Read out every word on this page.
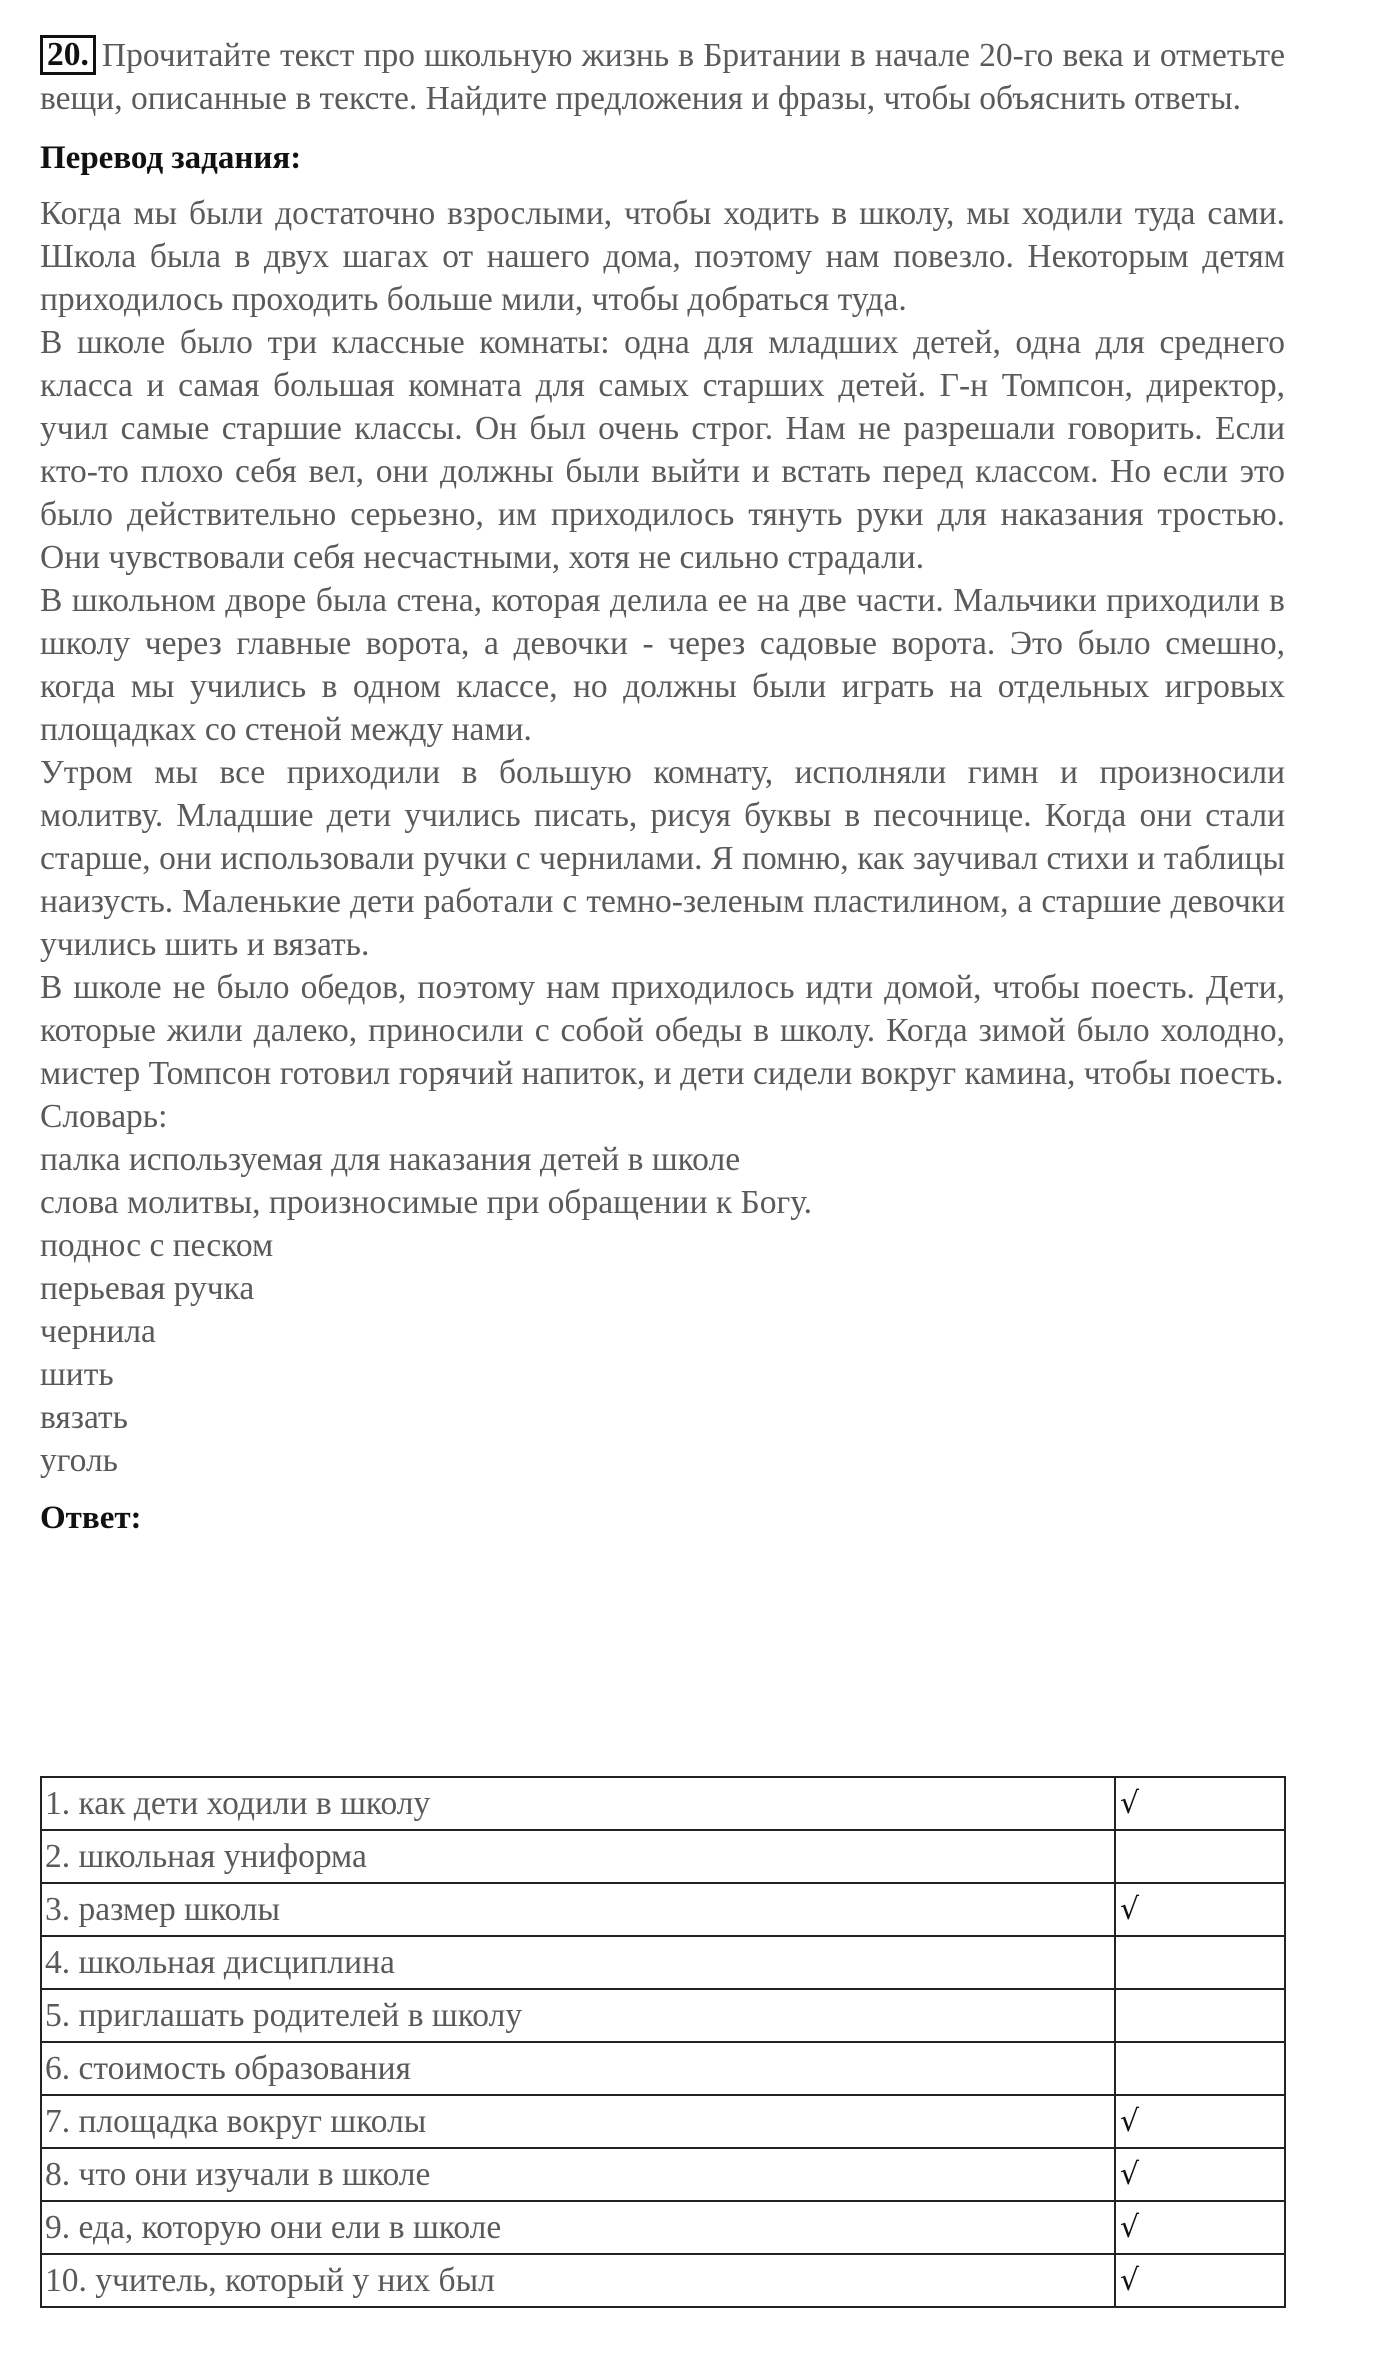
20. Прочитайте текст про школьную жизнь в Британии в начале 20-го века и отметьте вещи, описанные в тексте. Найдите предложения и фразы, чтобы объяснить ответы.

Перевод задания:

Когда мы были достаточно взрослыми, чтобы ходить в школу, мы ходили туда сами. Школа была в двух шагах от нашего дома, поэтому нам повезло. Некоторым детям приходилось проходить больше мили, чтобы добраться туда.

В школе было три классные комнаты: одна для младших детей, одна для среднего класса и самая большая комната для самых старших детей. Г-н Томпсон, директор, учил самые старшие классы. Он был очень строг. Нам не разрешали говорить. Если кто-то плохо себя вел, они должны были выйти и встать перед классом. Но если это было действительно серьезно, им приходилось тянуть руки для наказания тростью. Они чувствовали себя несчастными, хотя не сильно страдали.

В школьном дворе была стена, которая делила ее на две части. Мальчики приходили в школу через главные ворота, а девочки - через садовые ворота. Это было смешно, когда мы учились в одном классе, но должны были играть на отдельных игровых площадках со стеной между нами.

Утром мы все приходили в большую комнату, исполняли гимн и произносили молитву. Младшие дети учились писать, рисуя буквы в песочнице. Когда они стали старше, они использовали ручки с чернилами. Я помню, как заучивал стихи и таблицы наизусть. Маленькие дети работали с темно-зеленым пластилином, а старшие девочки учились шить и вязать.

В школе не было обедов, поэтому нам приходилось идти домой, чтобы поесть. Дети, которые жили далеко, приносили с собой обеды в школу. Когда зимой было холодно, мистер Томпсон готовил горячий напиток, и дети сидели вокруг камина, чтобы поесть.

Словарь:

палка используемая для наказания детей в школе

слова молитвы, произносимые при обращении к Богу.

поднос с песком

перьевая ручка

чернила

шить

вязать

уголь

Ответ:
1. как дети ходили в школу	√
2. школьная униформа	
3. размер школы	√
4. школьная дисциплина	
5. приглашать родителей в школу	
6. стоимость образования	
7. площадка вокруг школы	√
8. что они изучали в школе	√
9. еда, которую они ели в школе	√
10. учитель, который у них был	√
